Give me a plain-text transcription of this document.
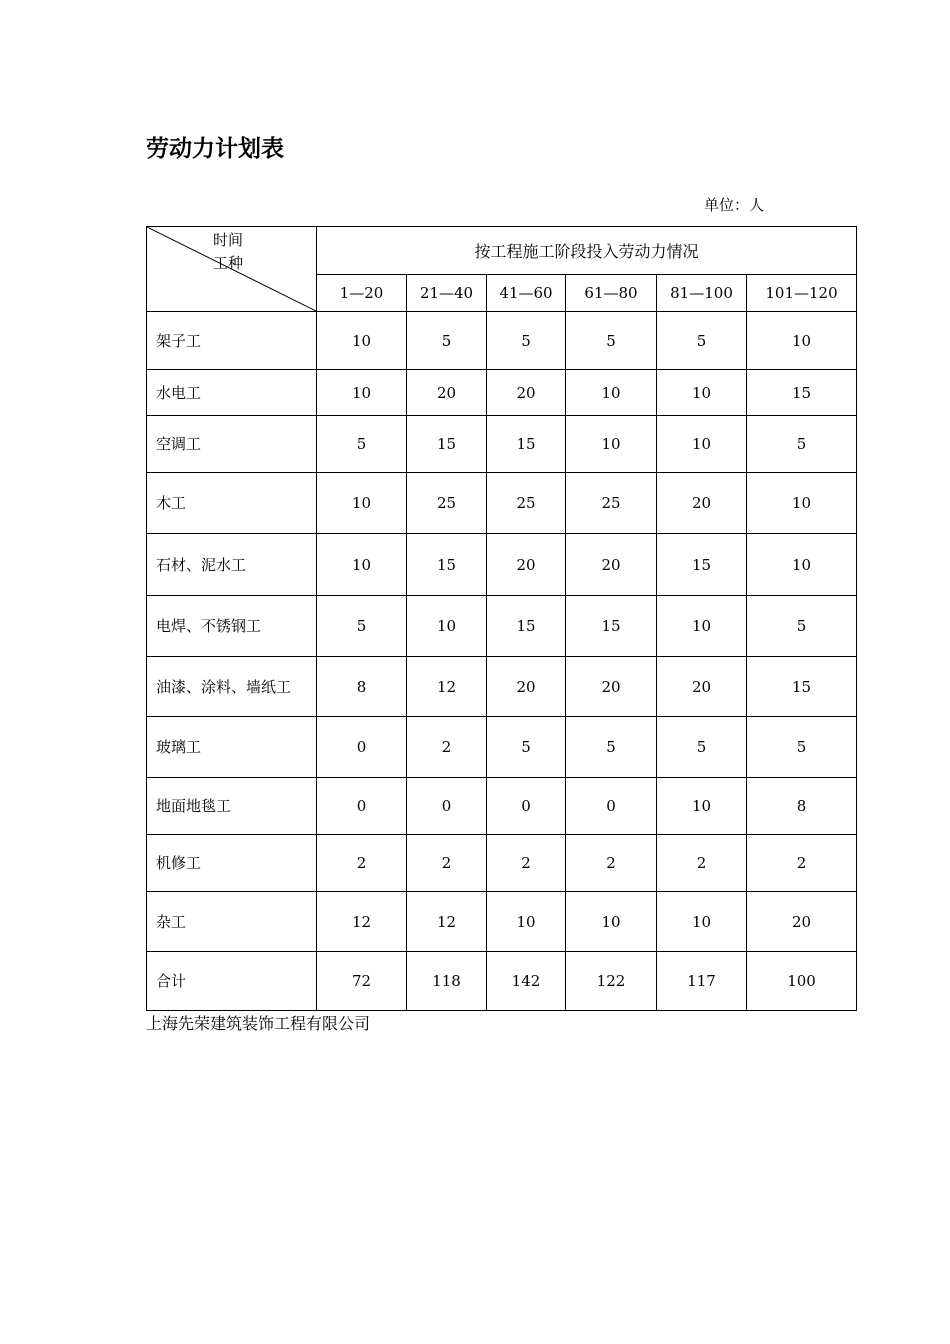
劳动力计划表
单位：人
时间
工种	按工程施工阶段投入劳动力情况					
	1—20	21—40	41—60	61—80	81—100	101—120
架子工	10	5	5	5	5	10
水电工	10	20	20	10	10	15
空调工	5	15	15	10	10	5
木工	10	25	25	25	20	10
石材、泥水工	10	15	20	20	15	10
电焊、不锈钢工	5	10	15	15	10	5
油漆、涂料、墙纸工	8	12	20	20	20	15
玻璃工	0	2	5	5	5	5
地面地毯工	0	0	0	0	10	8
机修工	2	2	2	2	2	2
杂工	12	12	10	10	10	20
合计	72	118	142	122	117	100
上海先荣建筑装饰工程有限公司
